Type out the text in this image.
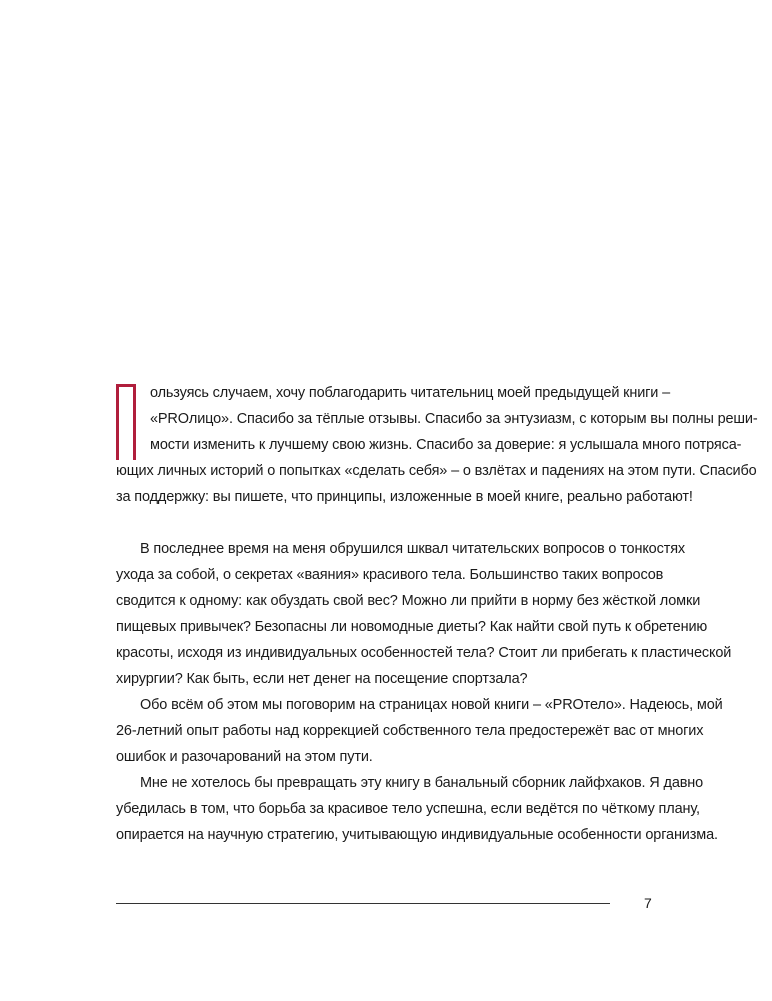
ользуясь случаем, хочу поблагодарить читательниц моей предыдущей книги –
«PROлицо». Спасибо за тёплые отзывы. Спасибо за энтузиазм, с которым вы полны реши-
мости изменить к лучшему свою жизнь. Спасибо за доверие: я услышала много потряса-
ющих личных историй о попытках «сделать себя» – о взлётах и падениях на этом пути. Спасибо
за поддержку: вы пишете, что принципы, изложенные в моей книге, реально работают!

В последнее время на меня обрушился шквал читательских вопросов о тонкостях
ухода за собой, о секретах «ваяния» красивого тела. Большинство таких вопросов
сводится к одному: как обуздать свой вес? Можно ли прийти в норму без жёсткой ломки
пищевых привычек? Безопасны ли новомодные диеты? Как найти свой путь к обретению
красоты, исходя из индивидуальных особенностей тела? Стоит ли прибегать к пластической
хирургии? Как быть, если нет денег на посещение спортзала?

Обо всём об этом мы поговорим на страницах новой книги – «PROтело». Надеюсь, мой
26-летний опыт работы над коррекцией собственного тела предостережёт вас от многих
ошибок и разочарований на этом пути.

Мне не хотелось бы превращать эту книгу в банальный сборник лайфхаков. Я давно
убедилась в том, что борьба за красивое тело успешна, если ведётся по чёткому плану,
опирается на научную стратегию, учитывающую индивидуальные особенности организма.

7
